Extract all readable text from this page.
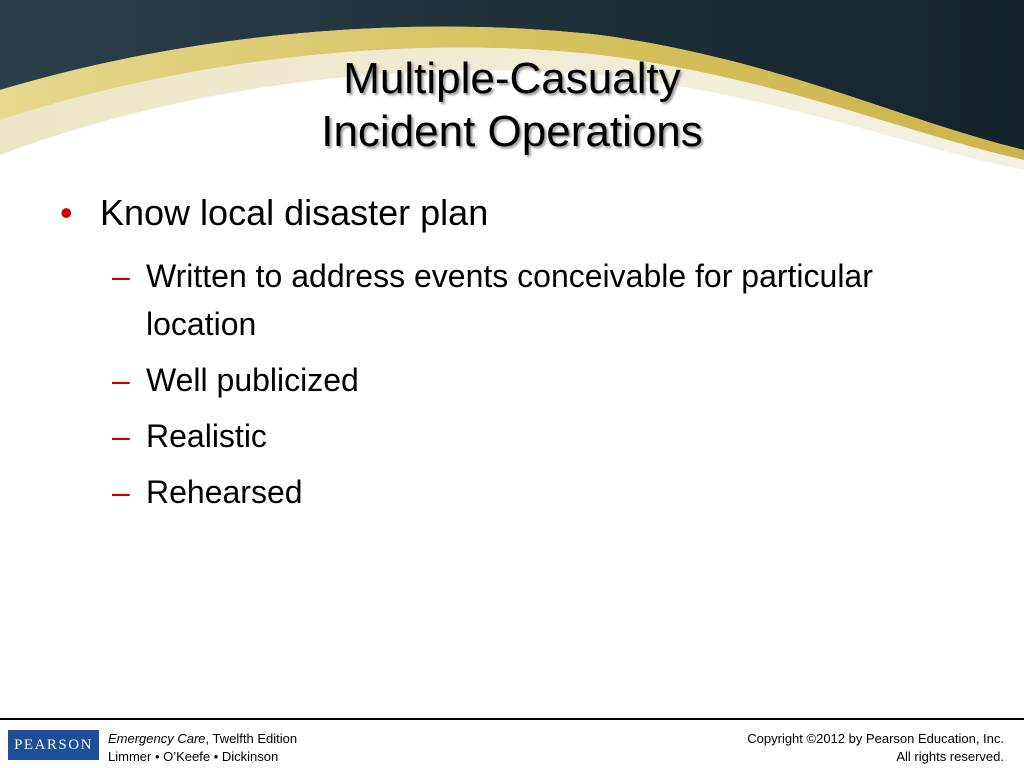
Multiple-Casualty
Incident Operations
• Know local disaster plan
– Written to address events conceivable for particular location
– Well publicized
– Realistic
– Rehearsed
PEARSON	Emergency Care, Twelfth Edition
Limmer • O’Keefe • Dickinson
Copyright ©2012 by Pearson Education, Inc.
All rights reserved.
